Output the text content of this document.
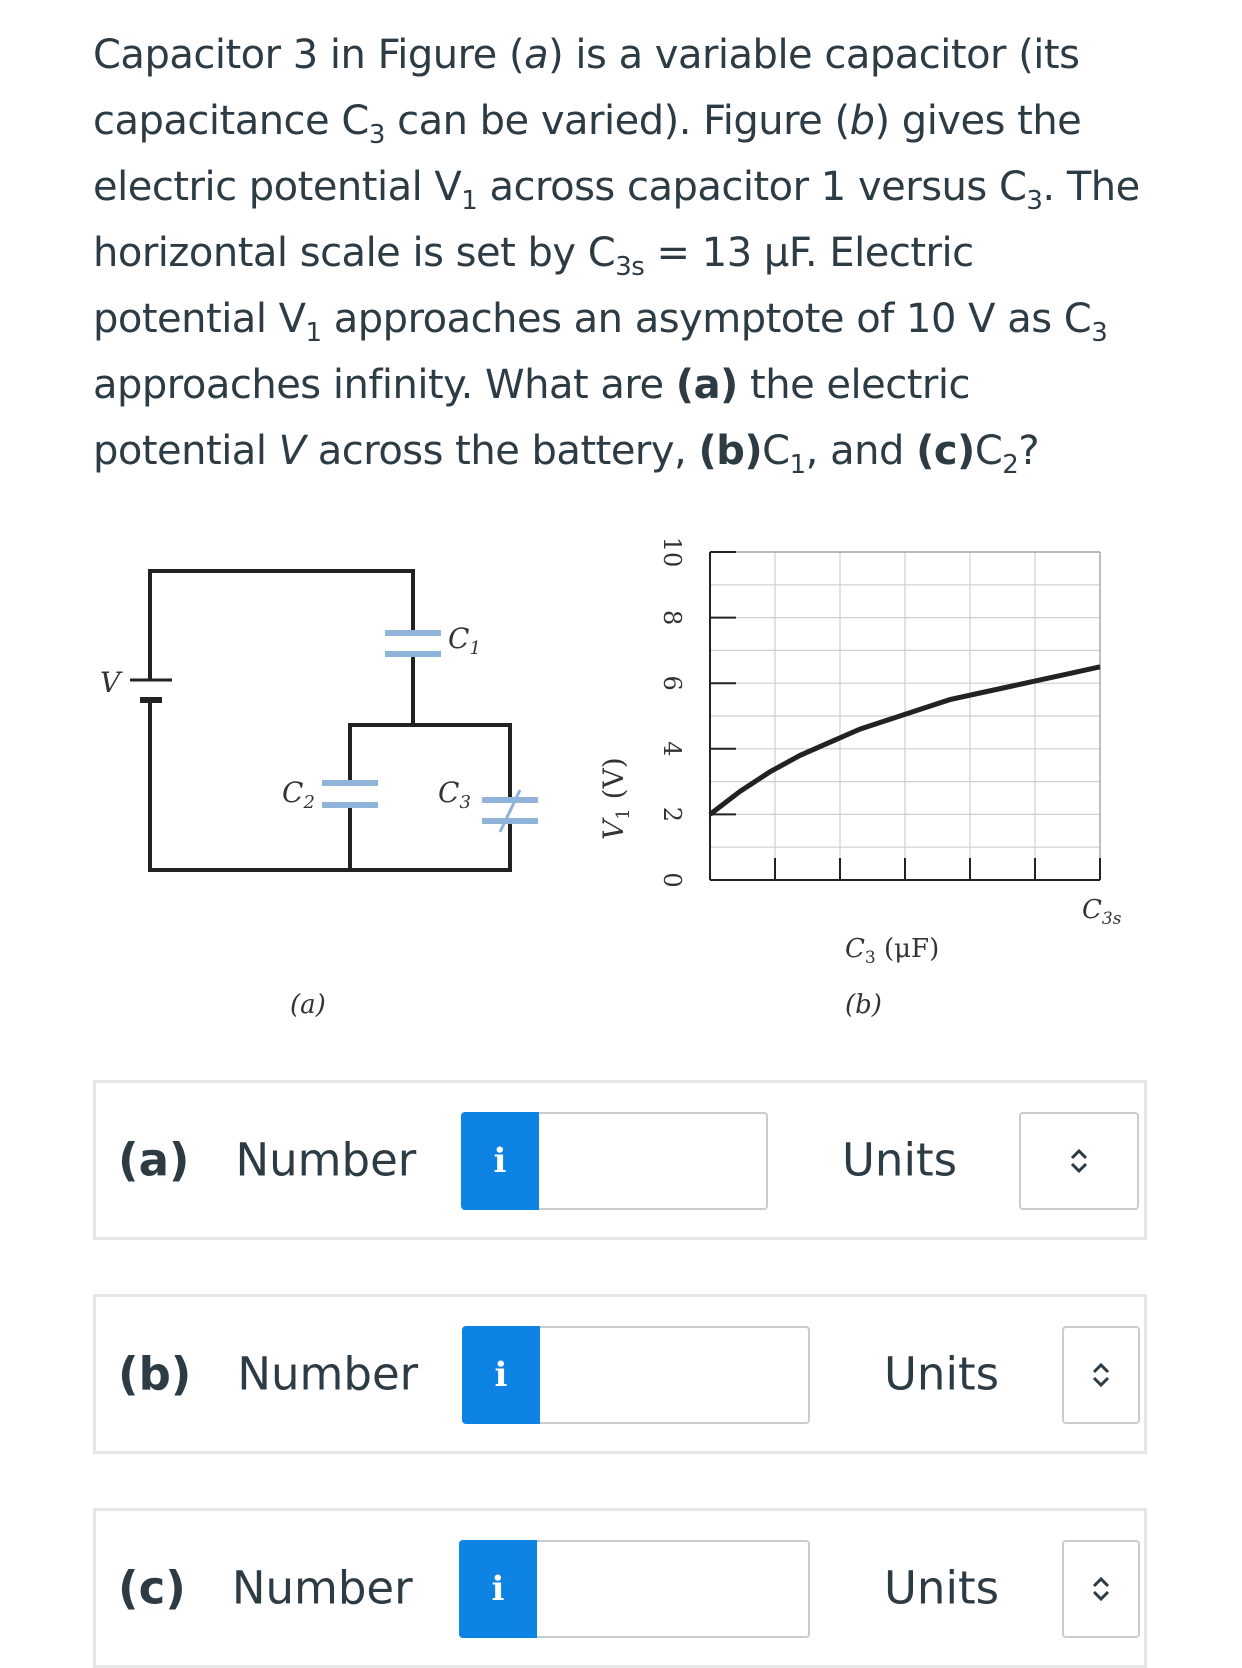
Capacitor 3 in Figure (a) is a variable capacitor (its capacitance $C_3$ can be varied). Figure (b) gives the electric potential $V_1$ across capacitor 1 versus $C_3$. The horizontal scale is set by $C_{3s} = 13$ μF. Electric potential $V_1$ approaches an asymptote of 10 V as $C_3$ approaches infinity. What are (a) the electric potential V across the battery, $(b)C_1$, and $(c)C_2$?

V
$C_1$
$C_2$	$C_3$
(a)
0
2
4
6
8
10
$V_1$ (V)
$C_{3s}$
$C_3$ (μF)
(b)
(a) Number	i	Units
(b) Number	i	Units
(c) Number	i	Units
